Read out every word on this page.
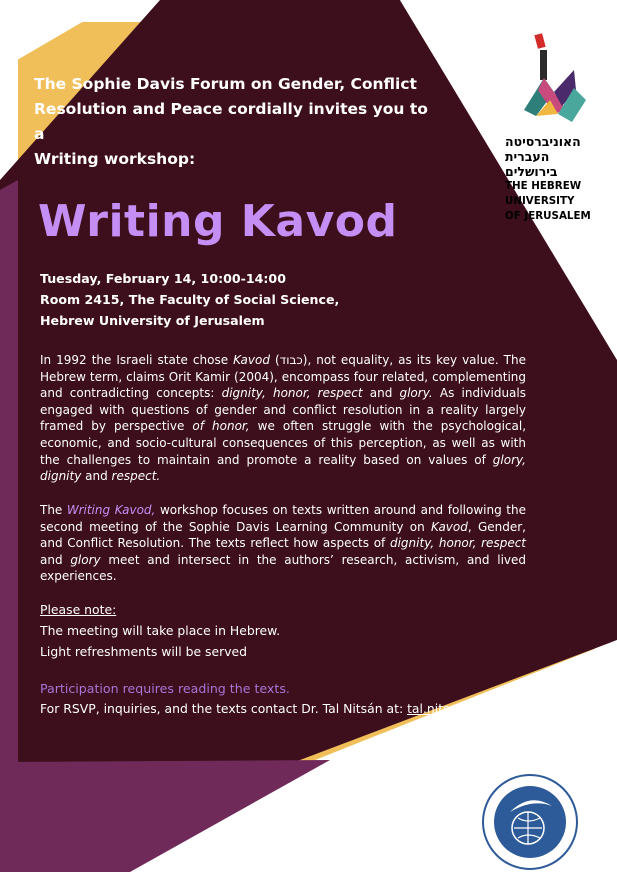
The Sophie Davis Forum on Gender, Conflict
Resolution and Peace cordially invites you to a
Writing workshop:
Writing Kavod
Tuesday, February 14, 10:00-14:00
Room 2415, The Faculty of Social Science,
Hebrew University of Jerusalem
In 1992 the Israeli state chose Kavod (כבוד), not equality, as its key value. The Hebrew term, claims Orit Kamir (2004), encompass four related, complementing and contradicting concepts: dignity, honor, respect and glory. As individuals engaged with questions of gender and conflict resolution in a reality largely framed by perspective of honor, we often struggle with the psychological, economic, and socio-cultural consequences of this perception, as well as with the challenges to maintain and promote a reality based on values of glory, dignity and respect.
The Writing Kavod, workshop focuses on texts written around and following the second meeting of the Sophie Davis Learning Community on Kavod, Gender, and Conflict Resolution. The texts reflect how aspects of dignity, honor, respect and glory meet and intersect in the authors’ research, activism, and lived experiences.
Please note:
The meeting will take place in Hebrew.
Light refreshments will be served
Participation requires reading the texts.
For RSVP, inquiries, and the texts contact Dr. Tal Nitsán at: tal.nitsan1@mail.huji.ac.il
האוניברסיטה
העברית
בירושלים
THE HEBREW
UNIVERSITY
OF JERUSALEM
